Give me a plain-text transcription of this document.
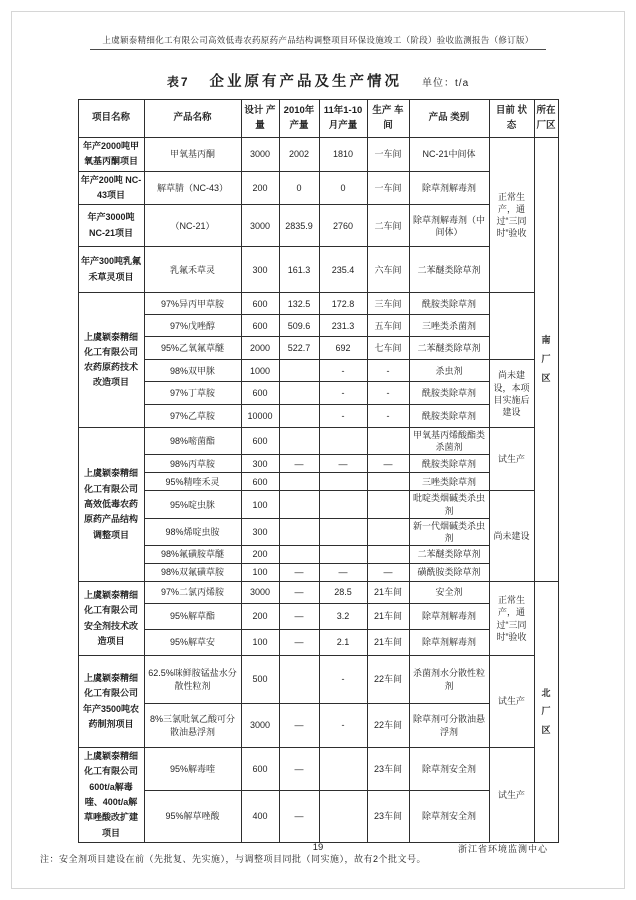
上虞颖泰精细化工有限公司高效低毒农药原药产品结构调整项目环保设施竣工（阶段）验收监测报告（修订版）
表7 企业原有产品及生产情况 单位：t/a
项目名称	产品名称	设计 产量	2010年 产量	11年1-10 月产量	生产 车间	产品 类别	目前 状态	所在 厂区
年产2000吨甲氧基丙酮项目	甲氧基丙酮	3000	2002	1810	一车间	NC-21中间体	正常生产，通过“三同时”验收	南厂区

年产200吨 NC-43项目	解草腈（NC-43）	200	0	0	一车间	除草剂解毒剂		
年产3000吨 NC-21项目	（NC-21）	3000	2835.9	2760	二车间	除草剂解毒剂（中间体）		
年产300吨乳氟禾草灵项目	乳氟禾草灵	300	161.3	235.4	六车间	二苯醚类除草剂		
上虞颖泰精细化工有限公司农药原药技术改造项目	97%异丙甲草胺	600	132.5	172.8	三车间	酰胺类除草剂		
	97%戊唑醇	600	509.6	231.3	五车间	三唑类杀菌剂		
	95%乙氧氟草醚	2000	522.7	692	七车间	二苯醚类除草剂		
	98%双甲脒	1000		-	-	杀虫剂	尚未建设，本项目实施后建设	
	97%丁草胺	600		-	-	酰胺类除草剂		
	97%乙草胺	10000		-	-	酰胺类除草剂		
上虞颖泰精细化工有限公司高效低毒农药原药产品结构调整项目	98%嘧菌酯	600				甲氧基丙烯酸酯类杀菌剂	试生产	
	98%丙草胺	300	—	—	—	酰胺类除草剂		
	95%精喹禾灵	600				三唑类除草剂		
	95%啶虫脒	100				吡啶类烟碱类杀虫剂	尚未建设	
	98%烯啶虫胺	300				新一代烟碱类杀虫剂		
	98%氟磺胺草醚	200				二苯醚类除草剂		
	98%双氟磺草胺	100	—	—	—	磺酰胺类除草剂		
上虞颖泰精细化工有限公司安全剂技术改造项目	97%二氯丙烯胺	3000	—	28.5	21车间	安全剂	正常生产，通过“三同时”验收	北厂区

	95%解草酯	200	—	3.2	21车间	除草剂解毒剂		
	95%解草安	100	—	2.1	21车间	除草剂解毒剂		
上虞颖泰精细化工有限公司年产3500吨农药制剂项目	62.5%咪鲜胺锰盐水分散性粒剂	500		-	22车间	杀菌剂水分散性粒剂	试生产	
	8%三氯吡氧乙酸可分散油悬浮剂	3000	—	-	22车间	除草剂可分散油悬浮剂		
上虞颖泰精细化工有限公司600t/a解毒喹、400t/a解草唑酸改扩建项目	95%解毒喹	600	—		23车间	除草剂安全剂	试生产	
	95%解草唑酸	400	—		23车间	除草剂安全剂		
注：安全剂项目建设在前（先批复、先实施），与调整项目同批（同实施），故有2个批文号。
19	浙江省环境监测中心
